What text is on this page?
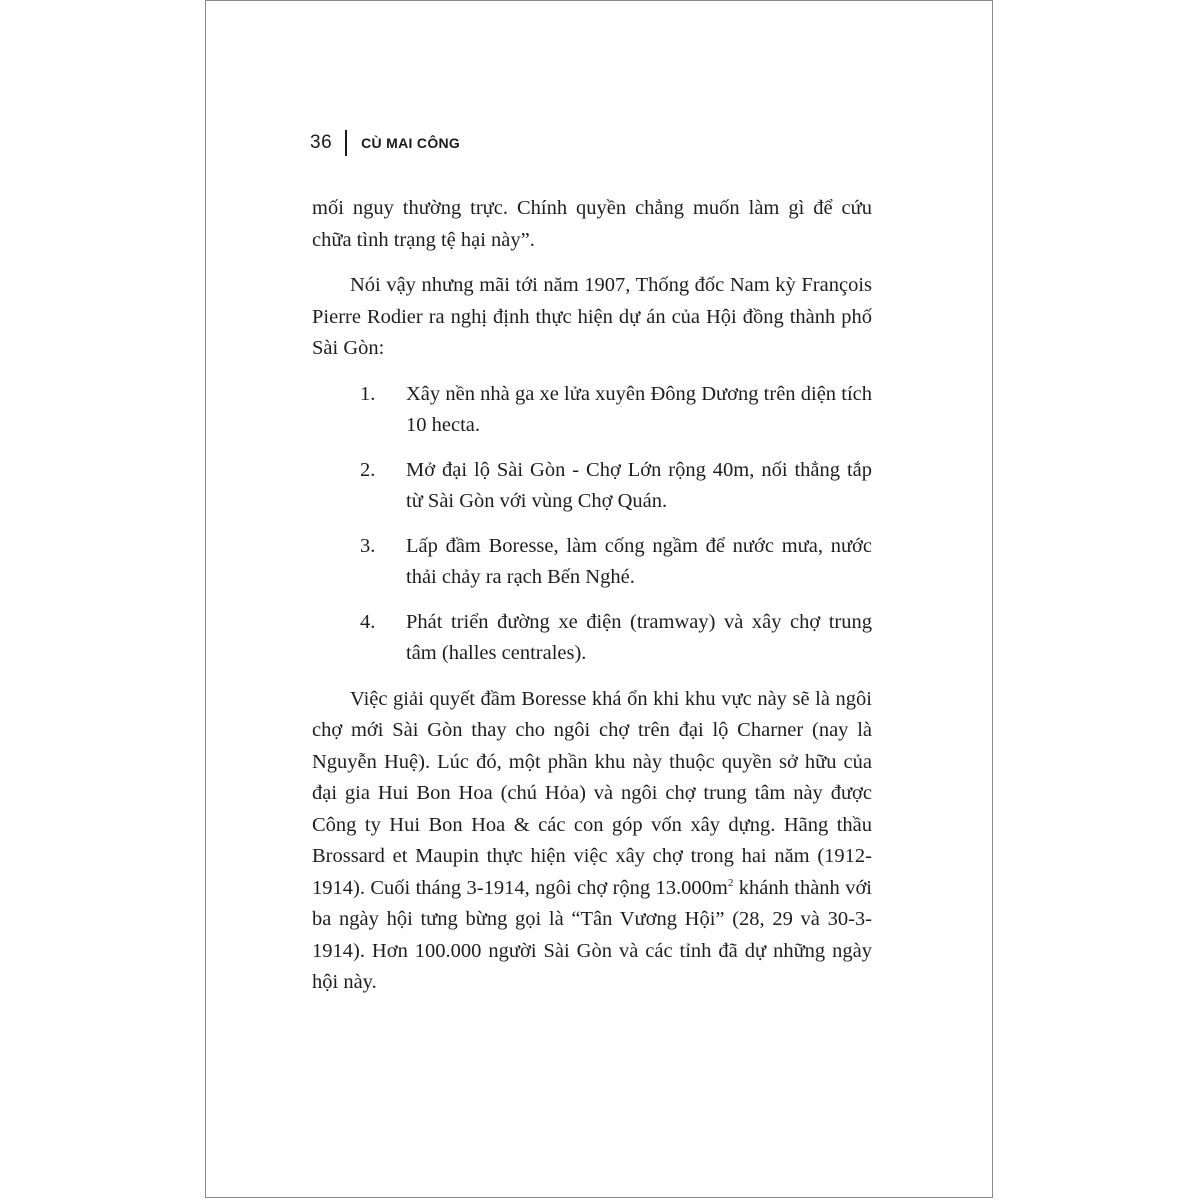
36 CÙ MAI CÔNG

mối nguy thường trực. Chính quyền chẳng muốn làm gì để cứu chữa tình trạng tệ hại này”.

Nói vậy nhưng mãi tới năm 1907, Thống đốc Nam kỳ François Pierre Rodier ra nghị định thực hiện dự án của Hội đồng thành phố Sài Gòn:

1.	Xây nền nhà ga xe lửa xuyên Đông Dương trên diện tích 10 hecta.
2.	Mở đại lộ Sài Gòn - Chợ Lớn rộng 40m, nối thẳng tắp từ Sài Gòn với vùng Chợ Quán.
3.	Lấp đầm Boresse, làm cống ngầm để nước mưa, nước thải chảy ra rạch Bến Nghé.
4.	Phát triển đường xe điện (tramway) và xây chợ trung tâm (halles centrales).

Việc giải quyết đầm Boresse khá ổn khi khu vực này sẽ là ngôi chợ mới Sài Gòn thay cho ngôi chợ trên đại lộ Charner (nay là Nguyễn Huệ). Lúc đó, một phần khu này thuộc quyền sở hữu của đại gia Hui Bon Hoa (chú Hỏa) và ngôi chợ trung tâm này được Công ty Hui Bon Hoa & các con góp vốn xây dựng. Hãng thầu Brossard et Maupin thực hiện việc xây chợ trong hai năm (1912-1914). Cuối tháng 3-1914, ngôi chợ rộng $13.000m^2$ khánh thành với ba ngày hội tưng bừng gọi là “Tân Vương Hội” (28, 29 và 30-3-1914). Hơn 100.000 người Sài Gòn và các tỉnh đã dự những ngày hội này.
